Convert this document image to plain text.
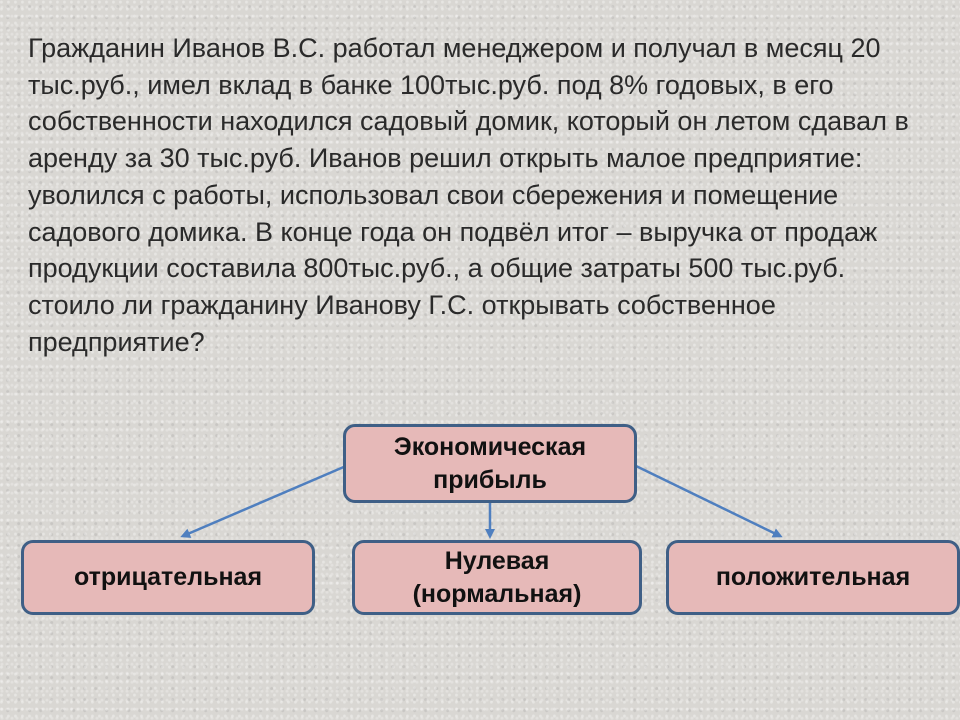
Гражданин Иванов В.С. работал менеджером и получал в месяц 20 тыс.руб., имел вклад в банке 100тыс.руб. под 8% годовых, в его собственности находился садовый домик, который он летом сдавал в аренду за 30 тыс.руб. Иванов решил открыть малое предприятие: уволился с работы, использовал свои сбережения и помещение садового домика. В конце года он подвёл итог – выручка от продаж продукции составила 800тыс.руб., а общие затраты 500 тыс.руб. стоило ли гражданину Иванову Г.С. открывать собственное предприятие?

Экономическая
прибыль
отрицательная
Нулевая
(нормальная)
положительная
